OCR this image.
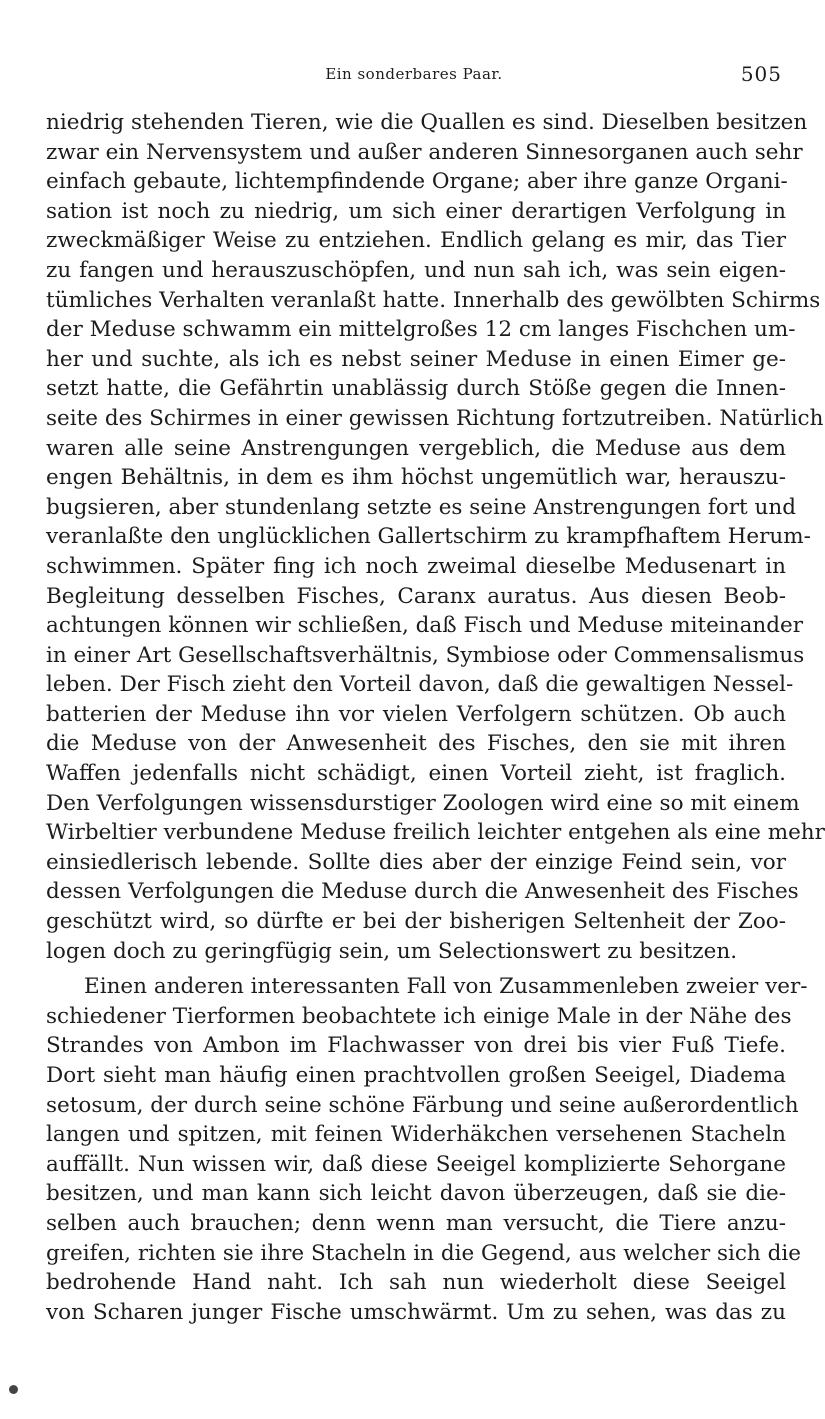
Ein sonderbares Paar.	505
niedrig stehenden Tieren, wie die Quallen es sind. Dieselben besitzen
zwar ein Nervensystem und außer anderen Sinnesorganen auch sehr
einfach gebaute, lichtempfindende Organe; aber ihre ganze Organi-
sation ist noch zu niedrig, um sich einer derartigen Verfolgung in
zweckmäßiger Weise zu entziehen. Endlich gelang es mir, das Tier
zu fangen und herauszuschöpfen, und nun sah ich, was sein eigen-
tümliches Verhalten veranlaßt hatte. Innerhalb des gewölbten Schirms
der Meduse schwamm ein mittelgroßes 12 cm langes Fischchen um-
her und suchte, als ich es nebst seiner Meduse in einen Eimer ge-
setzt hatte, die Gefährtin unablässig durch Stöße gegen die Innen-
seite des Schirmes in einer gewissen Richtung fortzutreiben. Natürlich
waren alle seine Anstrengungen vergeblich, die Meduse aus dem
engen Behältnis, in dem es ihm höchst ungemütlich war, herauszu-
bugsieren, aber stundenlang setzte es seine Anstrengungen fort und
veranlaßte den unglücklichen Gallertschirm zu krampfhaftem Herum-
schwimmen. Später fing ich noch zweimal dieselbe Medusenart in
Begleitung desselben Fisches, Caranx auratus. Aus diesen Beob-
achtungen können wir schließen, daß Fisch und Meduse miteinander
in einer Art Gesellschaftsverhältnis, Symbiose oder Commensalismus
leben. Der Fisch zieht den Vorteil davon, daß die gewaltigen Nessel-
batterien der Meduse ihn vor vielen Verfolgern schützen. Ob auch
die Meduse von der Anwesenheit des Fisches, den sie mit ihren
Waffen jedenfalls nicht schädigt, einen Vorteil zieht, ist fraglich.
Den Verfolgungen wissensdurstiger Zoologen wird eine so mit einem
Wirbeltier verbundene Meduse freilich leichter entgehen als eine mehr
einsiedlerisch lebende. Sollte dies aber der einzige Feind sein, vor
dessen Verfolgungen die Meduse durch die Anwesenheit des Fisches
geschützt wird, so dürfte er bei der bisherigen Seltenheit der Zoo-
logen doch zu geringfügig sein, um Selectionswert zu besitzen.
Einen anderen interessanten Fall von Zusammenleben zweier ver-
schiedener Tierformen beobachtete ich einige Male in der Nähe des
Strandes von Ambon im Flachwasser von drei bis vier Fuß Tiefe.
Dort sieht man häufig einen prachtvollen großen Seeigel, Diadema
setosum, der durch seine schöne Färbung und seine außerordentlich
langen und spitzen, mit feinen Widerhäkchen versehenen Stacheln
auffällt. Nun wissen wir, daß diese Seeigel komplizierte Sehorgane
besitzen, und man kann sich leicht davon überzeugen, daß sie die-
selben auch brauchen; denn wenn man versucht, die Tiere anzu-
greifen, richten sie ihre Stacheln in die Gegend, aus welcher sich die
bedrohende Hand naht. Ich sah nun wiederholt diese Seeigel
von Scharen junger Fische umschwärmt. Um zu sehen, was das zu
